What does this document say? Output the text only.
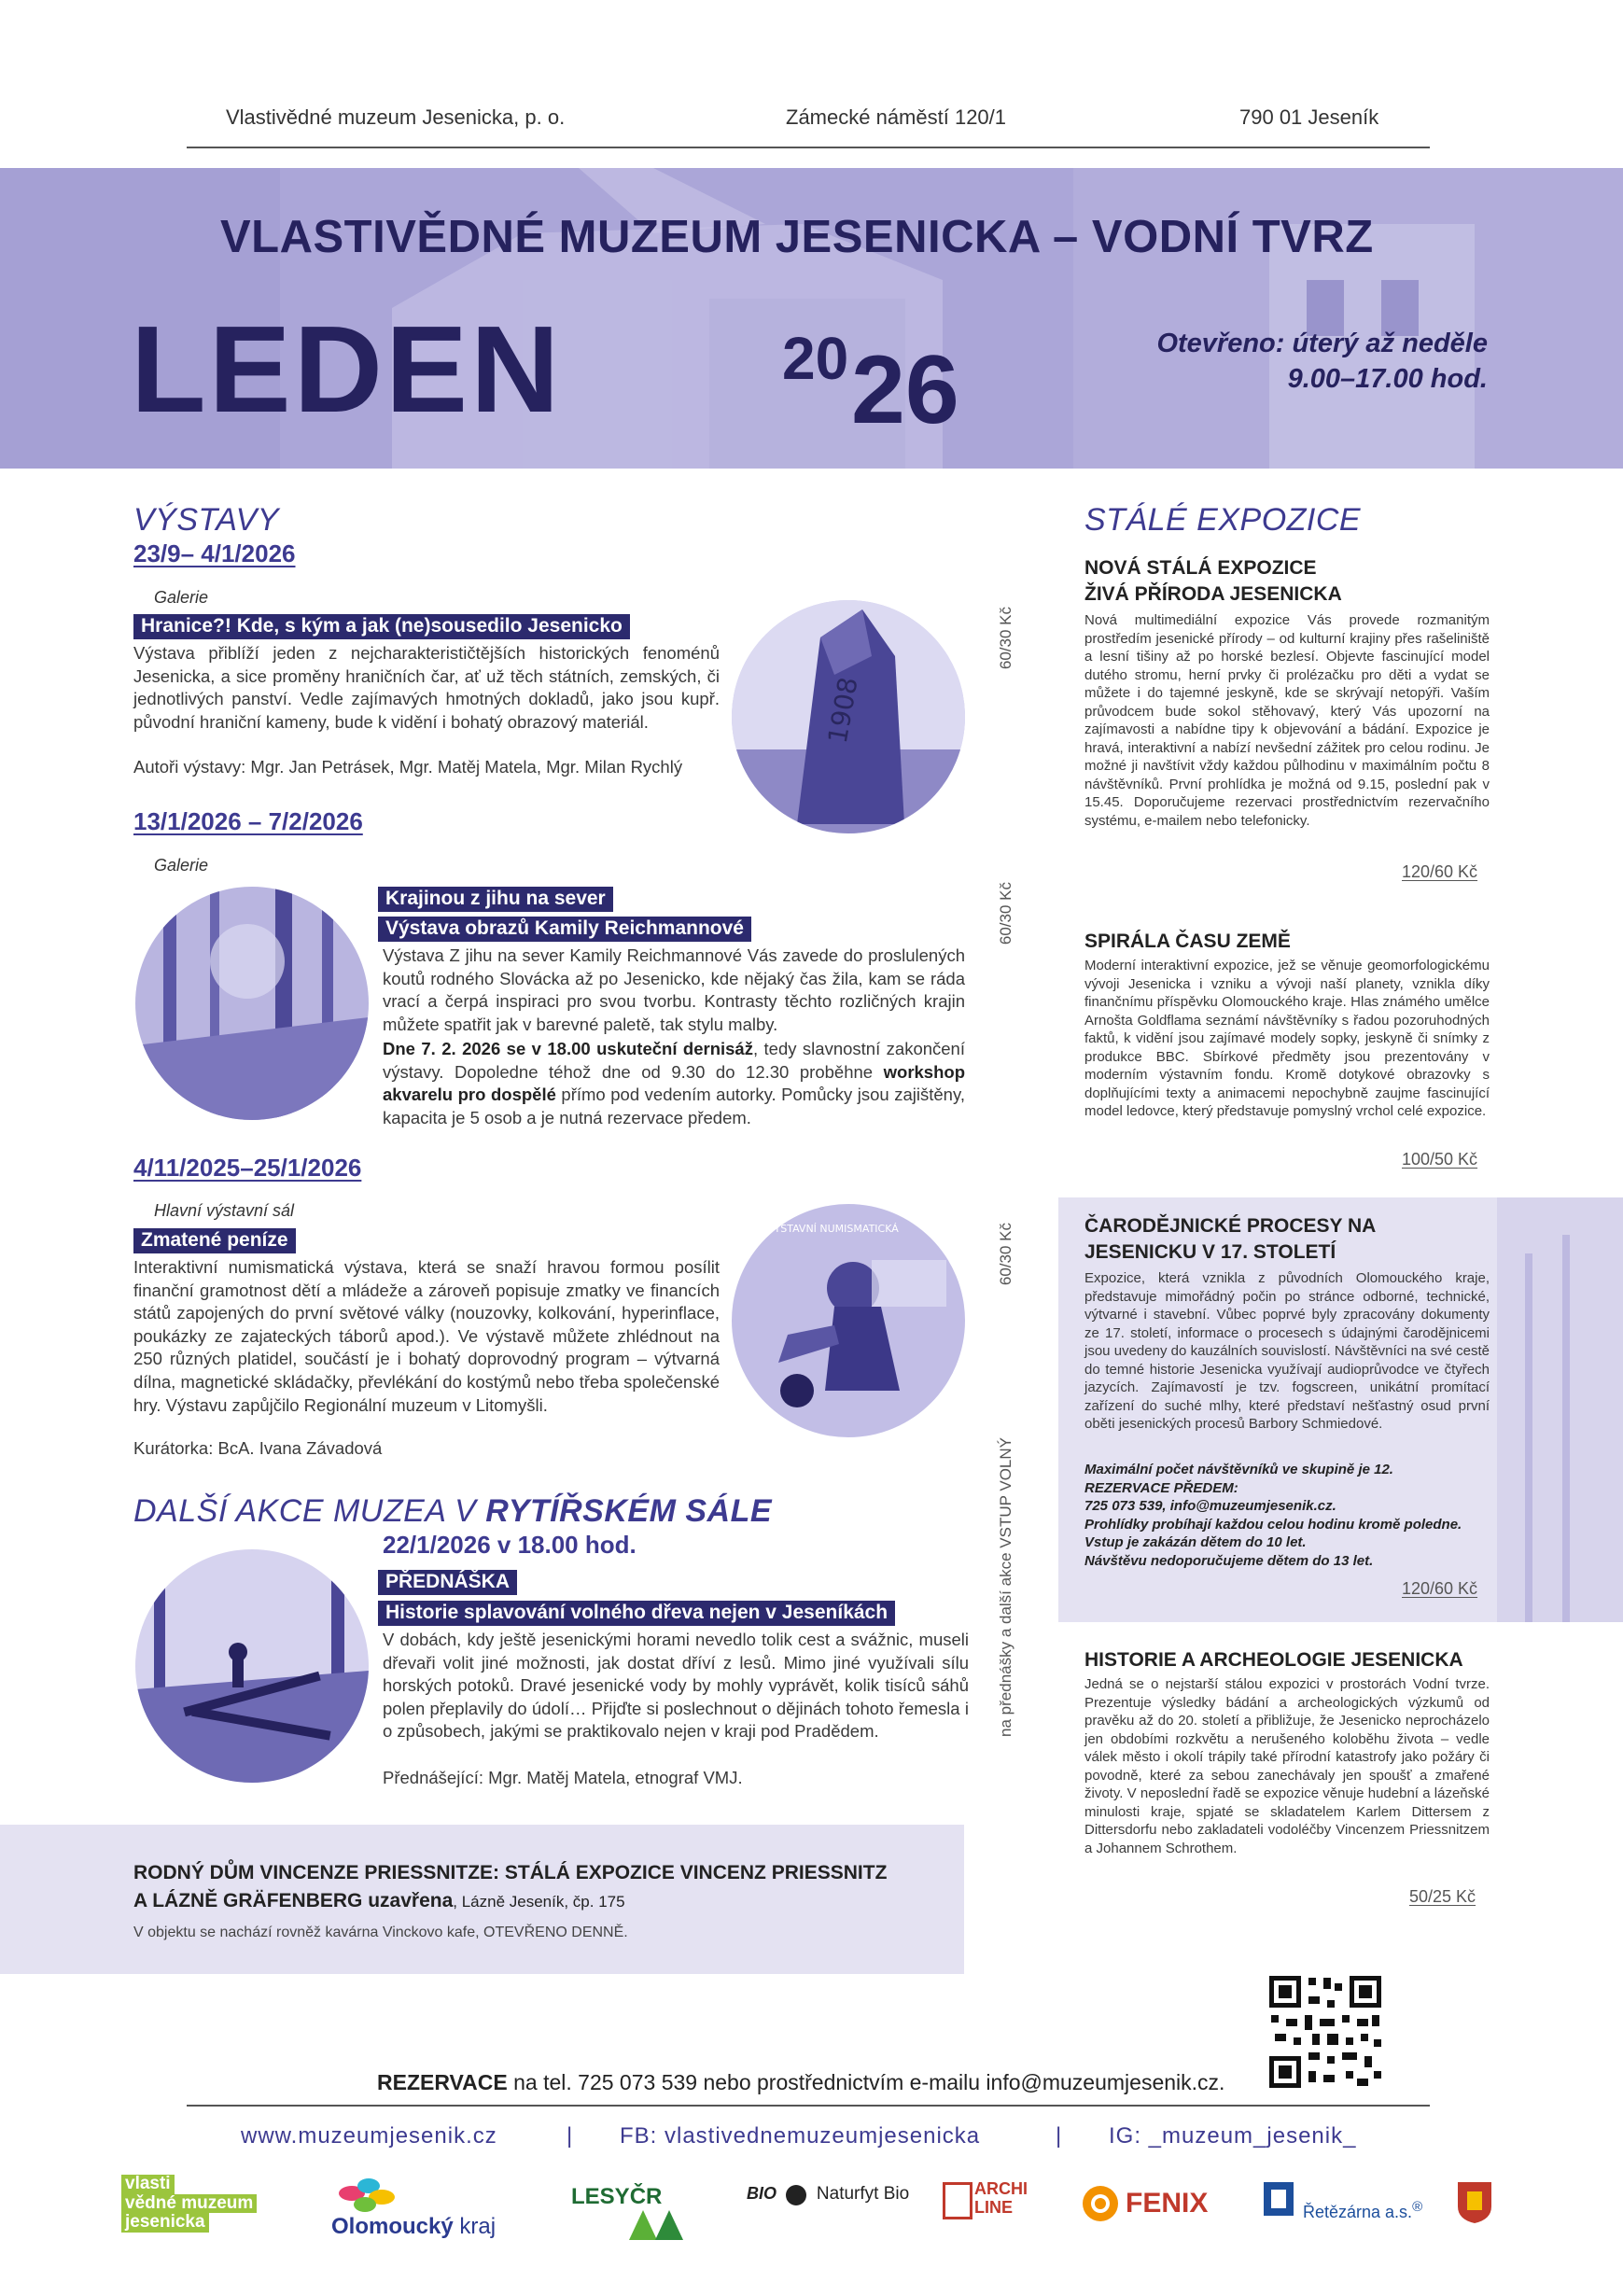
Vlastivědné muzeum Jesenicka, p. o.	Zámecké náměstí 120/1	790 01 Jeseník
VLASTIVĚDNÉ MUZEUM JESENICKA – VODNÍ TVRZ
LEDEN	20 26	Otevřeno: úterý až neděle
9.00–17.00 hod.
VÝSTAVY
23/9– 4/1/2026
Galerie
Hranice?! Kde, s kým a jak (ne)sousedilo Jesenicko
Výstava přiblíží jeden z nejcharakterističtějších historických fenoménů Jesenicka, a sice proměny hraničních čar, ať už těch státních, zemských, či jednotlivých panství. Vedle zajímavých hmotných dokladů, jako jsou kupř. původní hraniční kameny, bude k vidění i bohatý obrazový materiál.
Autoři výstavy: Mgr. Jan Petrásek, Mgr. Matěj Matela, Mgr. Milan Rychlý
1908
60/30 Kč
13/1/2026 – 7/2/2026
Galerie
Krajinou z jihu na sever
Výstava obrazů Kamily Reichmannové
Výstava Z jihu na sever Kamily Reichmannové Vás zavede do proslulených koutů rodného Slovácka až po Jesenicko, kde nějaký čas žila, kam se ráda vrací a čerpá inspiraci pro svou tvorbu. Kontrasty těchto rozličných krajin můžete spatřit jak v barevné paletě, tak stylu malby.
Dne 7. 2. 2026 se v 18.00 uskuteční dernisáž, tedy slavnostní zakončení výstavy. Dopoledne téhož dne od 9.30 do 12.30 proběhne workshop akvarelu pro dospělé přímo pod vedením autorky. Pomůcky jsou zajištěny, kapacita je 5 osob a je nutná rezervace předem.
60/30 Kč
4/11/2025–25/1/2026
Hlavní výstavní sál
Zmatené peníze
Interaktivní numismatická výstava, která se snaží hravou formou posílit finanční gramotnost dětí a mládeže a zároveň popisuje zmatky ve financích států zapojených do první světové války (nouzovky, kolkování, hyperinflace, poukázky ze zajateckých táborů apod.). Ve výstavě můžete zhlédnout na 250 různých platidel, součástí je i bohatý doprovodný program – výtvarná dílna, magnetické skládačky, převlékání do kostýmů nebo třeba společenské hry. Výstavu zapůjčilo Regionální muzeum v Litomyšli.
Kurátorka: BcA. Ivana Závadová
VÝSTAVNÍ NUMISMATICKÁ	60/30 Kč
DALŠÍ AKCE MUZEA V RYTÍŘSKÉM SÁLE
22/1/2026 v 18.00 hod.
PŘEDNÁŠKA
Historie splavování volného dřeva nejen v Jeseníkách
V dobách, kdy ještě jesenickými horami nevedlo tolik cest a svážnic, museli dřevaři volit jiné možnosti, jak dostat dříví z lesů. Mimo jiné využívali sílu horských potoků. Dravé jesenické vody by mohly vyprávět, kolik tisíců sáhů polen přeplavily do údolí… Přijďte si poslechnout o dějinách tohoto řemesla i o způsobech, jakými se praktikovalo nejen v kraji pod Pradědem.
Přednášející: Mgr. Matěj Matela, etnograf VMJ.
na přednášky a další akce VSTUP VOLNÝ
RODNÝ DŮM VINCENZE PRIESSNITZE: STÁLÁ EXPOZICE VINCENZ PRIESSNITZ
A LÁZNĚ GRÄFENBERG uzavřena, Lázně Jeseník, čp. 175
V objektu se nachází rovněž kavárna Vinckovo kafe, OTEVŘENO DENNĚ.
STÁLÉ EXPOZICE
NOVÁ STÁLÁ EXPOZICE
ŽIVÁ PŘÍRODA JESENICKA
Nová multimediální expozice Vás provede rozmanitým prostředím jesenické přírody – od kulturní krajiny přes rašeliniště a lesní tišiny až po horské bezlesí. Objevte fascinující model dutého stromu, herní prvky či prolézačku pro děti a vydat se můžete i do tajemné jeskyně, kde se skrývají netopýři. Vaším průvodcem bude sokol stěhovavý, který Vás upozorní na zajímavosti a nabídne tipy k objevování a bádání. Expozice je hravá, interaktivní a nabízí nevšední zážitek pro celou rodinu. Je možné ji navštívit vždy každou půlhodinu v maximálním počtu 8 návštěvníků. První prohlídka je možná od 9.15, poslední pak v 15.45. Doporučujeme rezervaci prostřednictvím rezervačního systému, e-mailem nebo telefonicky.
120/60 Kč
SPIRÁLA ČASU ZEMĚ
Moderní interaktivní expozice, jež se věnuje geomorfologickému vývoji Jesenicka i vzniku a vývoji naší planety, vznikla díky finančnímu příspěvku Olomouckého kraje. Hlas známého umělce Arnošta Goldflama seznámí návštěvníky s řadou pozoruhodných faktů, k vidění jsou zajímavé modely sopky, jeskyně či snímky z produkce BBC. Sbírkové předměty jsou prezentovány v moderním výstavním fondu. Kromě dotykové obrazovky s doplňujícími texty a animacemi nepochybně zaujme fascinující model ledovce, který představuje pomyslný vrchol celé expozice.
100/50 Kč
ČARODĚJNICKÉ PROCESY NA
JESENICKU V 17. STOLETÍ
Expozice, která vznikla z původních Olomouckého kraje, představuje mimořádný počin po stránce odborné, technické, výtvarné i stavební. Vůbec poprvé byly zpracovány dokumenty ze 17. století, informace o procesech s údajnými čarodějnicemi jsou uvedeny do kauzálních souvislostí. Návštěvníci na své cestě do temné historie Jesenicka využívají audioprůvodce ve čtyřech jazycích. Zajímavostí je tzv. fogscreen, unikátní promítací zařízení do suché mlhy, které představí nešťastný osud první oběti jesenických procesů Barbory Schmiedové.
Maximální počet návštěvníků ve skupině je 12.
REZERVACE PŘEDEM:
725 073 539, info@muzeumjesenik.cz.
Prohlídky probíhají každou celou hodinu kromě poledne.
Vstup je zakázán dětem do 10 let.
Návštěvu nedoporučujeme dětem do 13 let.
120/60 Kč
HISTORIE A ARCHEOLOGIE JESENICKA
Jedná se o nejstarší stálou expozici v prostorách Vodní tvrze. Prezentuje výsledky bádání a archeologických výzkumů od pravěku až do 20. století a přibližuje, že Jesenicko neprocházelo jen obdobími rozkvětu a nerušeného koloběhu života – vedle válek město i okolí trápily také přírodní katastrofy jako požáry či povodně, které za sebou zanechávaly jen spoušť a zmařené životy. V neposlední řadě se expozice věnuje hudební a lázeňské minulosti kraje, spjaté se skladatelem Karlem Dittersem z Dittersdorfu nebo zakladateli vodoléčby Vincenzem Priessnitzem a Johannem Schrothem.
50/25 Kč
REZERVACE na tel. 725 073 539 nebo prostřednictvím e-mailu info@muzeumjesenik.cz.
www.muzeumjesenik.cz	| FB: vlastivednemuzeumjesenicka	| IG: _muzeum_jesenik_
vlasti
vědné muzeum
jesenicka	Olomoucký kraj
LESYČR	BIO Naturfyt Bio	ARCHI
LINE	FENIX	Řetězárna a.s.®
